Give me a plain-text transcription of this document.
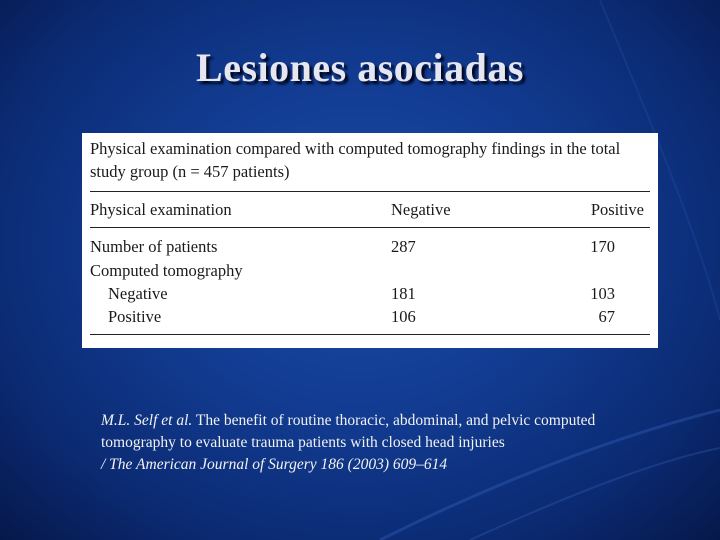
Lesiones asociadas
Physical examination compared with computed tomography findings in the total study group (n = 457 patients)
Physical examination	Negative	Positive
Number of patients	287	170
Computed tomography
Negative	181	103
Positive	106	67
M.L. Self et al. The benefit of routine thoracic, abdominal, and pelvic computed tomography to evaluate trauma patients with closed head injuries
/ The American Journal of Surgery 186 (2003) 609–614
